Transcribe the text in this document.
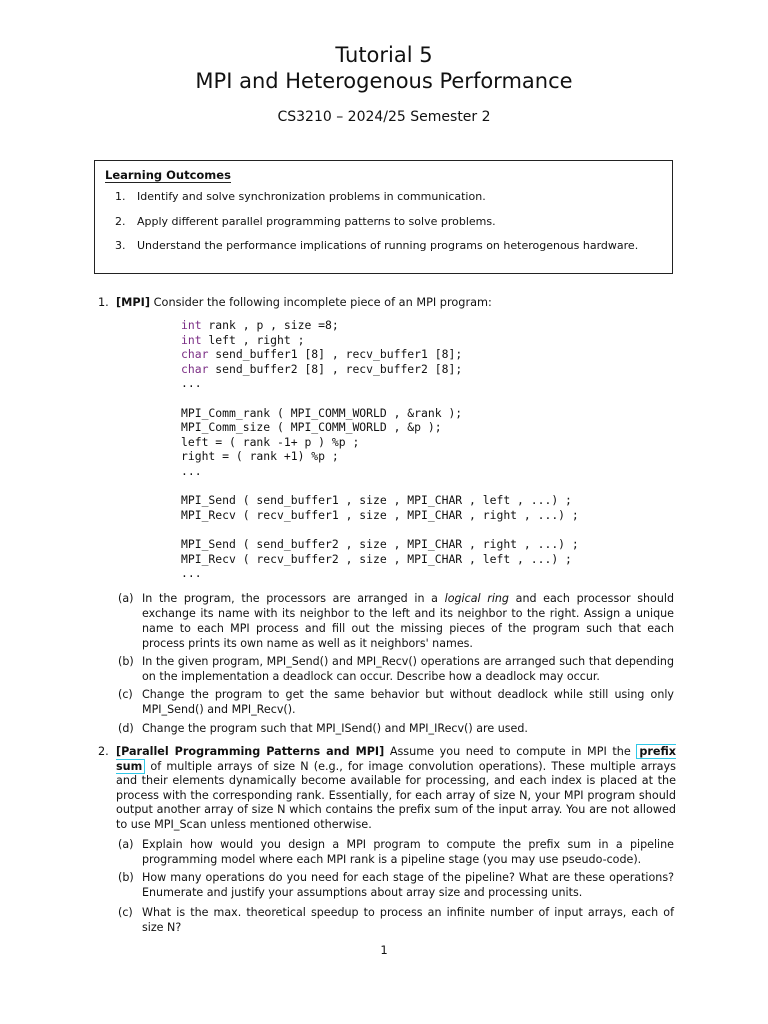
Tutorial 5
MPI and Heterogenous Performance
CS3210 – 2024/25 Semester 2
Learning Outcomes
1. Identify and solve synchronization problems in communication.
2. Apply different parallel programming patterns to solve problems.
3. Understand the performance implications of running programs on heterogenous hardware.
1. [MPI] Consider the following incomplete piece of an MPI program:
int rank , p , size =8;
int left , right ;
char send_buffer1 [8] , recv_buffer1 [8];
char send_buffer2 [8] , recv_buffer2 [8];
...

MPI_Comm_rank ( MPI_COMM_WORLD , &rank );
MPI_Comm_size ( MPI_COMM_WORLD , &p );
left = ( rank -1+ p ) %p ;
right = ( rank +1) %p ;
...

MPI_Send ( send_buffer1 , size , MPI_CHAR , left , ...) ;
MPI_Recv ( recv_buffer1 , size , MPI_CHAR , right , ...) ;

MPI_Send ( send_buffer2 , size , MPI_CHAR , right , ...) ;
MPI_Recv ( recv_buffer2 , size , MPI_CHAR , left , ...) ;
...
(a) In the program, the processors are arranged in a logical ring and each processor should exchange its name with its neighbor to the left and its neighbor to the right. Assign a unique name to each MPI process and fill out the missing pieces of the program such that each process prints its own name as well as it neighbors' names.
(b) In the given program, MPI_Send() and MPI_Recv() operations are arranged such that depending on the implementation a deadlock can occur. Describe how a deadlock may occur.
(c) Change the program to get the same behavior but without deadlock while still using only MPI_Send() and MPI_Recv().
(d) Change the program such that MPI_ISend() and MPI_IRecv() are used.
2. [Parallel Programming Patterns and MPI] Assume you need to compute in MPI the prefix sum of multiple arrays of size N (e.g., for image convolution operations). These multiple arrays and their elements dynamically become available for processing, and each index is placed at the process with the corresponding rank. Essentially, for each array of size N, your MPI program should output another array of size N which contains the prefix sum of the input array. You are not allowed to use MPI_Scan unless mentioned otherwise.
(a) Explain how would you design a MPI program to compute the prefix sum in a pipeline programming model where each MPI rank is a pipeline stage (you may use pseudo-code).
(b) How many operations do you need for each stage of the pipeline? What are these operations? Enumerate and justify your assumptions about array size and processing units.
(c) What is the max. theoretical speedup to process an infinite number of input arrays, each of size N?
1
